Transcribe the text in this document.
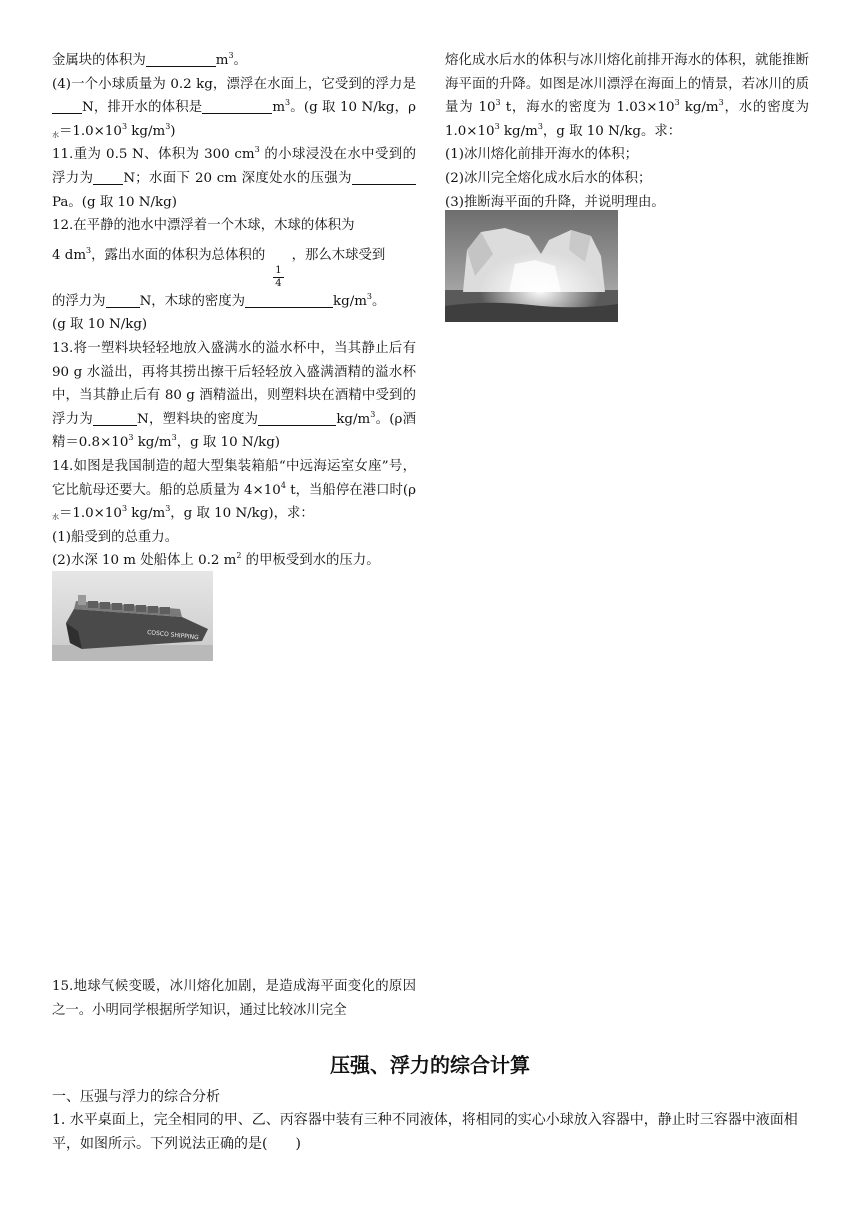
金属块的体积为	$m^3$。

(4)一个小球质量为 0.2 kg，漂浮在水面上，它受到的浮力是N，排开水的体积是	$m^3$。(g 取 10 N/kg，$\rho_水=1.0\times 10^3$ $kg/m^3$)

11.重为 0.5 N、体积为 300 $cm^3$ 的小球浸没在水中受到的浮力为 N；水面下 20 cm 深度处水的压强为Pa。(g 取 10 N/kg)

12.在平静的池水中漂浮着一个木球，木球的体积为

4 $dm^3$，露出水面的体积为总体积的
$\frac{1}{4}$
，那么木球受到

的浮力为	N，木球的密度为	$kg/m^3$。

(g 取 10 N/kg)

13.将一塑料块轻轻地放入盛满水的溢水杯中，当其静止后有 90 g 水溢出，再将其捞出擦干后轻轻放入盛满酒精的溢水杯中，当其静止后有 80 g 酒精溢出，则塑料块在酒精中受到的浮力为	N，塑料块的密度为	$kg/m^3$。(ρ酒精$=0.8\times 10^3$ $kg/m^3$，g 取 10 N/kg)

14.如图是我国制造的超大型集装箱船“中远海运室女座”号，它比航母还要大。船的总质量为 $4\times 10^4$ t，当船停在港口时($\rho_水=1.0\times 10^3$ $kg/m^3$，g 取 10 N/kg)，求：

(1)船受到的总重力。

(2)水深 10 m 处船体上 0.2 $m^2$ 的甲板受到水的压力。

COSCO SHIPPING

熔化成水后水的体积与冰川熔化前排开海水的体积，就能推断海平面的升降。如图是冰川漂浮在海面上的情景，若冰川的质量为 $10^3$ t，海水的密度为 $1.03\times 10^3$ $kg/m^3$，水的密度为 $1.0\times 10^3$ $kg/m^3$，g 取 10 N/kg。求：

(1)冰川熔化前排开海水的体积；

(2)冰川完全熔化成水后水的体积；

(3)推断海平面的升降，并说明理由。

15.地球气候变暖，冰川熔化加剧，是造成海平面变化的原因之一。小明同学根据所学知识，通过比较冰川完全

压强、浮力的综合计算
一、压强与浮力的综合分析

1. 水平桌面上，完全相同的甲、乙、丙容器中装有三种不同液体，将相同的实心小球放入容器中，静止时三容器中液面相平，如图所示。下列说法正确的是(　　)
